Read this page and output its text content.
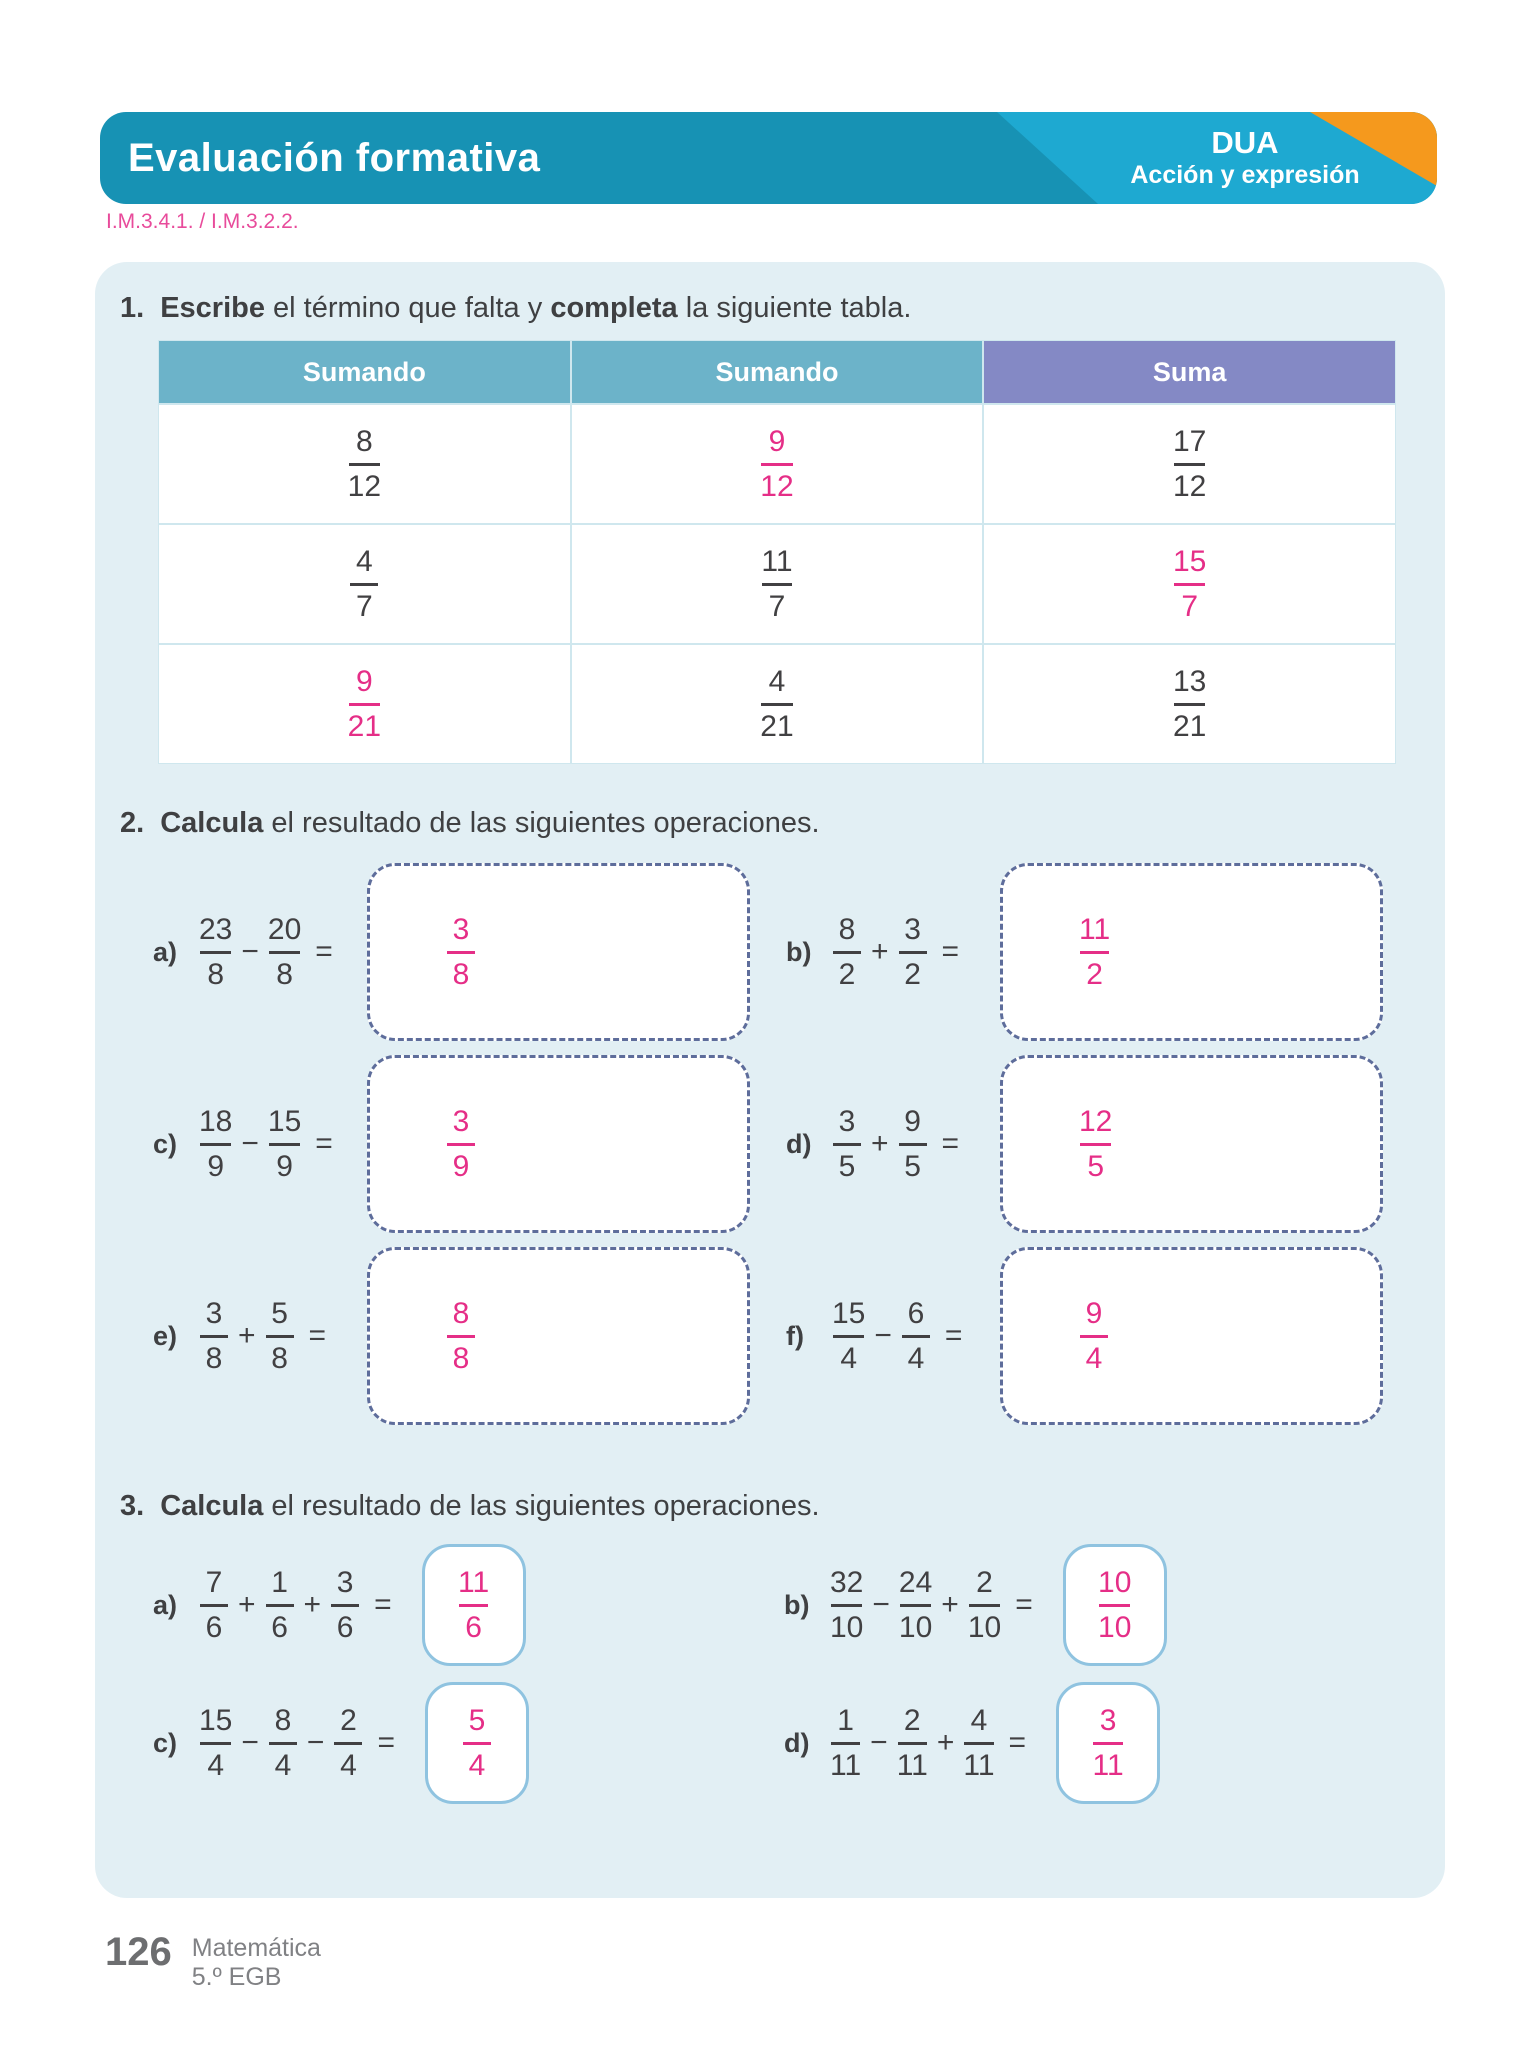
Evaluación formativa	DUA
Acción y expresión
I.M.3.4.1. / I.M.3.2.2.
1. Escribe el término que falta y completa la siguiente tabla.
Sumando	Sumando	Suma
$\frac{8}{12}$	$\frac{9}{12}$	$\frac{17}{12}$
$\frac{4}{7}$	$\frac{11}{7}$	$\frac{15}{7}$
$\frac{9}{21}$	$\frac{4}{21}$	$\frac{13}{21}$
2. Calcula el resultado de las siguientes operaciones.
$a) \frac{23}{8} - \frac{20}{8}$ =	$\frac{3}{8}$	$b) \frac{8}{2} + \frac{3}{2}$ =	$\frac{11}{2}$
$c) \frac{18}{9} - \frac{15}{9}$ =	$\frac{3}{9}$	$d) \frac{3}{5} + \frac{9}{5}$ =	$\frac{12}{5}$
$e) \frac{3}{8} + \frac{5}{8}$ =	$\frac{8}{8}$	$f) \frac{15}{4} - \frac{6}{4}$ =	$\frac{9}{4}$
3. Calcula el resultado de las siguientes operaciones.
$a) \frac{7}{6} + \frac{1}{6} + \frac{3}{6} = \frac{11}{6}$	$b) \frac{32}{10} - \frac{24}{10} + \frac{2}{10} = \frac{10}{10}$
$c) \frac{15}{4} - \frac{8}{4} - \frac{2}{4} = \frac{5}{4}$	$d) \frac{1}{11} - \frac{2}{11} + \frac{4}{11} = \frac{3}{11}$
126 Matemática
5.º EGB
